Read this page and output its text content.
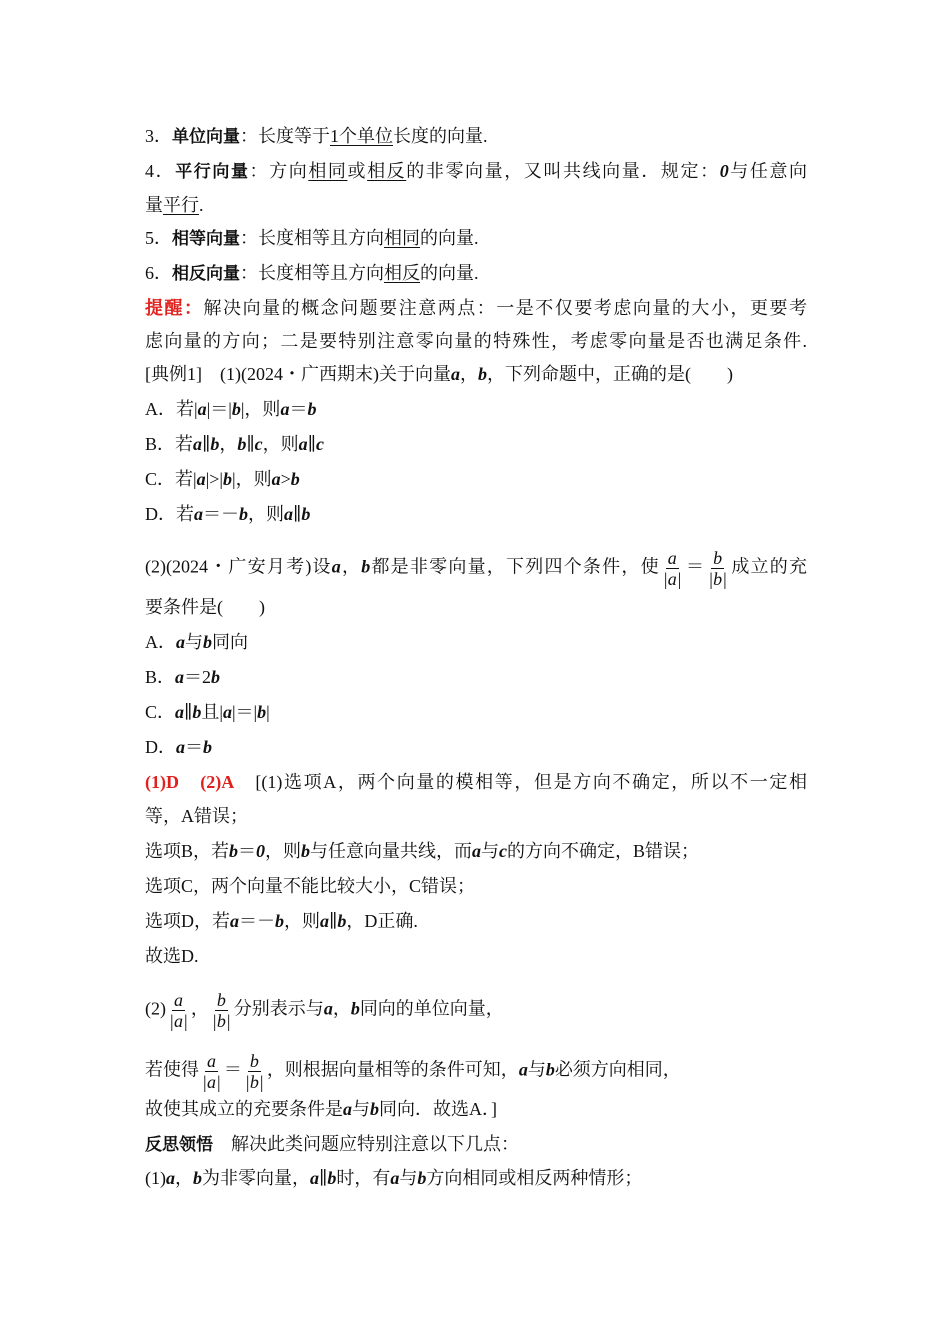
3．单位向量：长度等于1个单位长度的向量.
4．平行向量：方向相同或相反的非零向量，又叫共线向量．规定：0与任意向
量平行.
5．相等向量：长度相等且方向相同的向量.
6．相反向量：长度相等且方向相反的向量.
提醒：解决向量的概念问题要注意两点：一是不仅要考虑向量的大小，更要考
虑向量的方向；二是要特别注意零向量的特殊性，考虑零向量是否也满足条件.
[典例1]　(1)(2024・广西期末)关于向量a，b，下列命题中，正确的是(　　)
A．若|a|＝|b|，则a＝b
B．若a∥b，b∥c，则a∥c
C．若|a|>|b|，则a>b
D．若a＝－b，则a∥b
(2)(2024・广安月考)设a，b都是非零向量，下列四个条件，使 $\frac{a}{|a|} = \frac{b}{|b|}$ 成立的充
要条件是(　　)
A．a与b同向
B．a＝2b
C．a∥b且|a|＝|b|
D．a＝b
(1)D　(2)A　[(1)选项A，两个向量的模相等，但是方向不确定，所以不一定相
等，A错误；
选项B，若b＝0，则b与任意向量共线，而a与c的方向不确定，B错误；
选项C，两个向量不能比较大小，C错误；
选项D，若a＝－b，则a∥b，D正确.
故选D.
$(2) \frac{a}{|a|}$ ， $\frac{b}{|b|}$ 分别表示与a，b同向的单位向量，
若使得 $\frac{a}{|a|} = \frac{b}{|b|}$ ，则根据向量相等的条件可知，a与b必须方向相同，
故使其成立的充要条件是a与b同向．故选A．]
反思领悟　解决此类问题应特别注意以下几点：
(1)a，b为非零向量，a∥b时，有a与b方向相同或相反两种情形；
